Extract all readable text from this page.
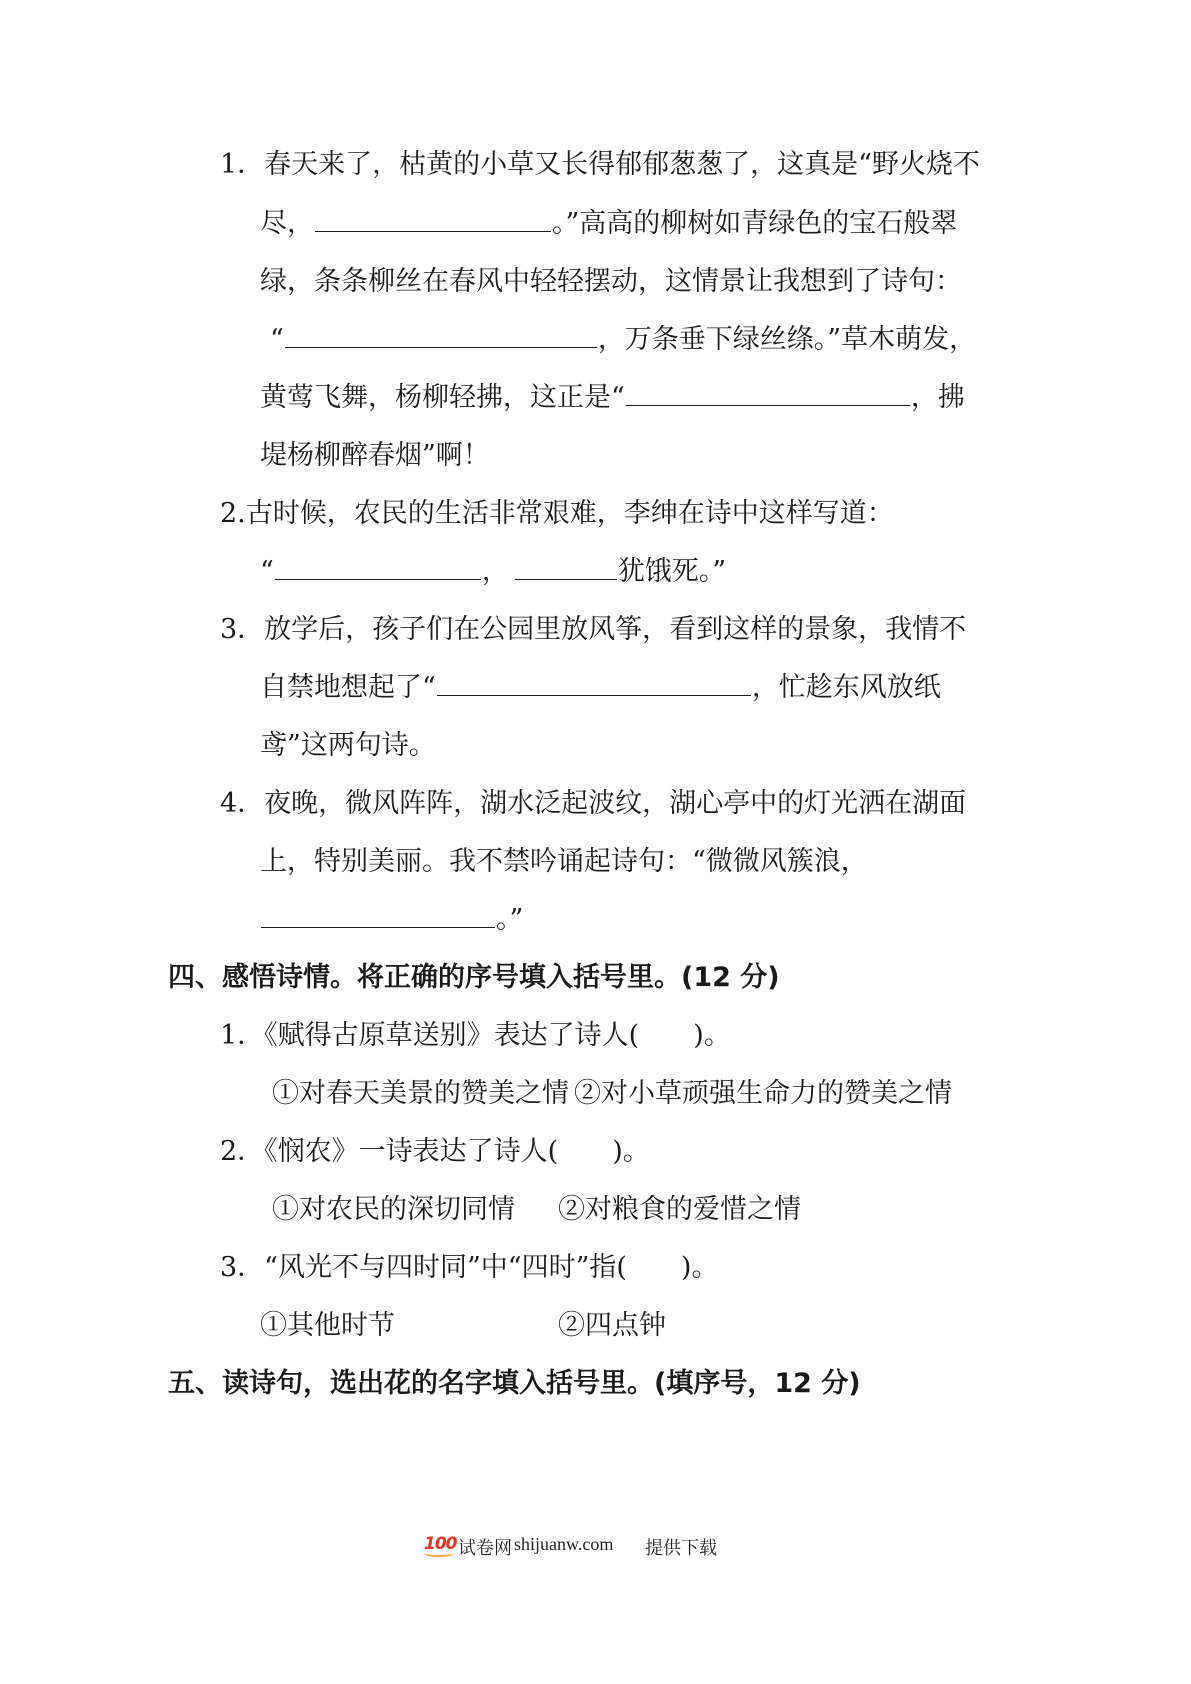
1．春天来了，枯黄的小草又长得郁郁葱葱了，这真是“野火烧不
尽，	。”高高的柳树如青绿色的宝石般翠
绿，条条柳丝在春风中轻轻摆动，这情景让我想到了诗句：
“	，万条垂下绿丝绦。”草木萌发，
黄莺飞舞，杨柳轻拂，这正是“	，拂
堤杨柳醉春烟”啊！
2.古时候，农民的生活非常艰难，李绅在诗中这样写道：
“	，	犹饿死。”
3．放学后，孩子们在公园里放风筝，看到这样的景象，我情不
自禁地想起了“	，忙趁东风放纸
鸢”这两句诗。
4．夜晚，微风阵阵，湖水泛起波纹，湖心亭中的灯光洒在湖面
上，特别美丽。我不禁吟诵起诗句：“微微风簇浪，
。”
四、感悟诗情。将正确的序号填入括号里。(12 分)
1．《赋得古原草送别》表达了诗人(　　)。
①对春天美景的赞美之情 ②对小草顽强生命力的赞美之情
2．《悯农》一诗表达了诗人(　　)。
①对农民的深切同情 ②对粮食的爱惜之情
3．“风光不与四时同”中“四时”指(　　)。
①其他时节	②四点钟
五、读诗句，选出花的名字填入括号里。(填序号，12 分)
100 试卷网 shijuanw.com 提供下载
